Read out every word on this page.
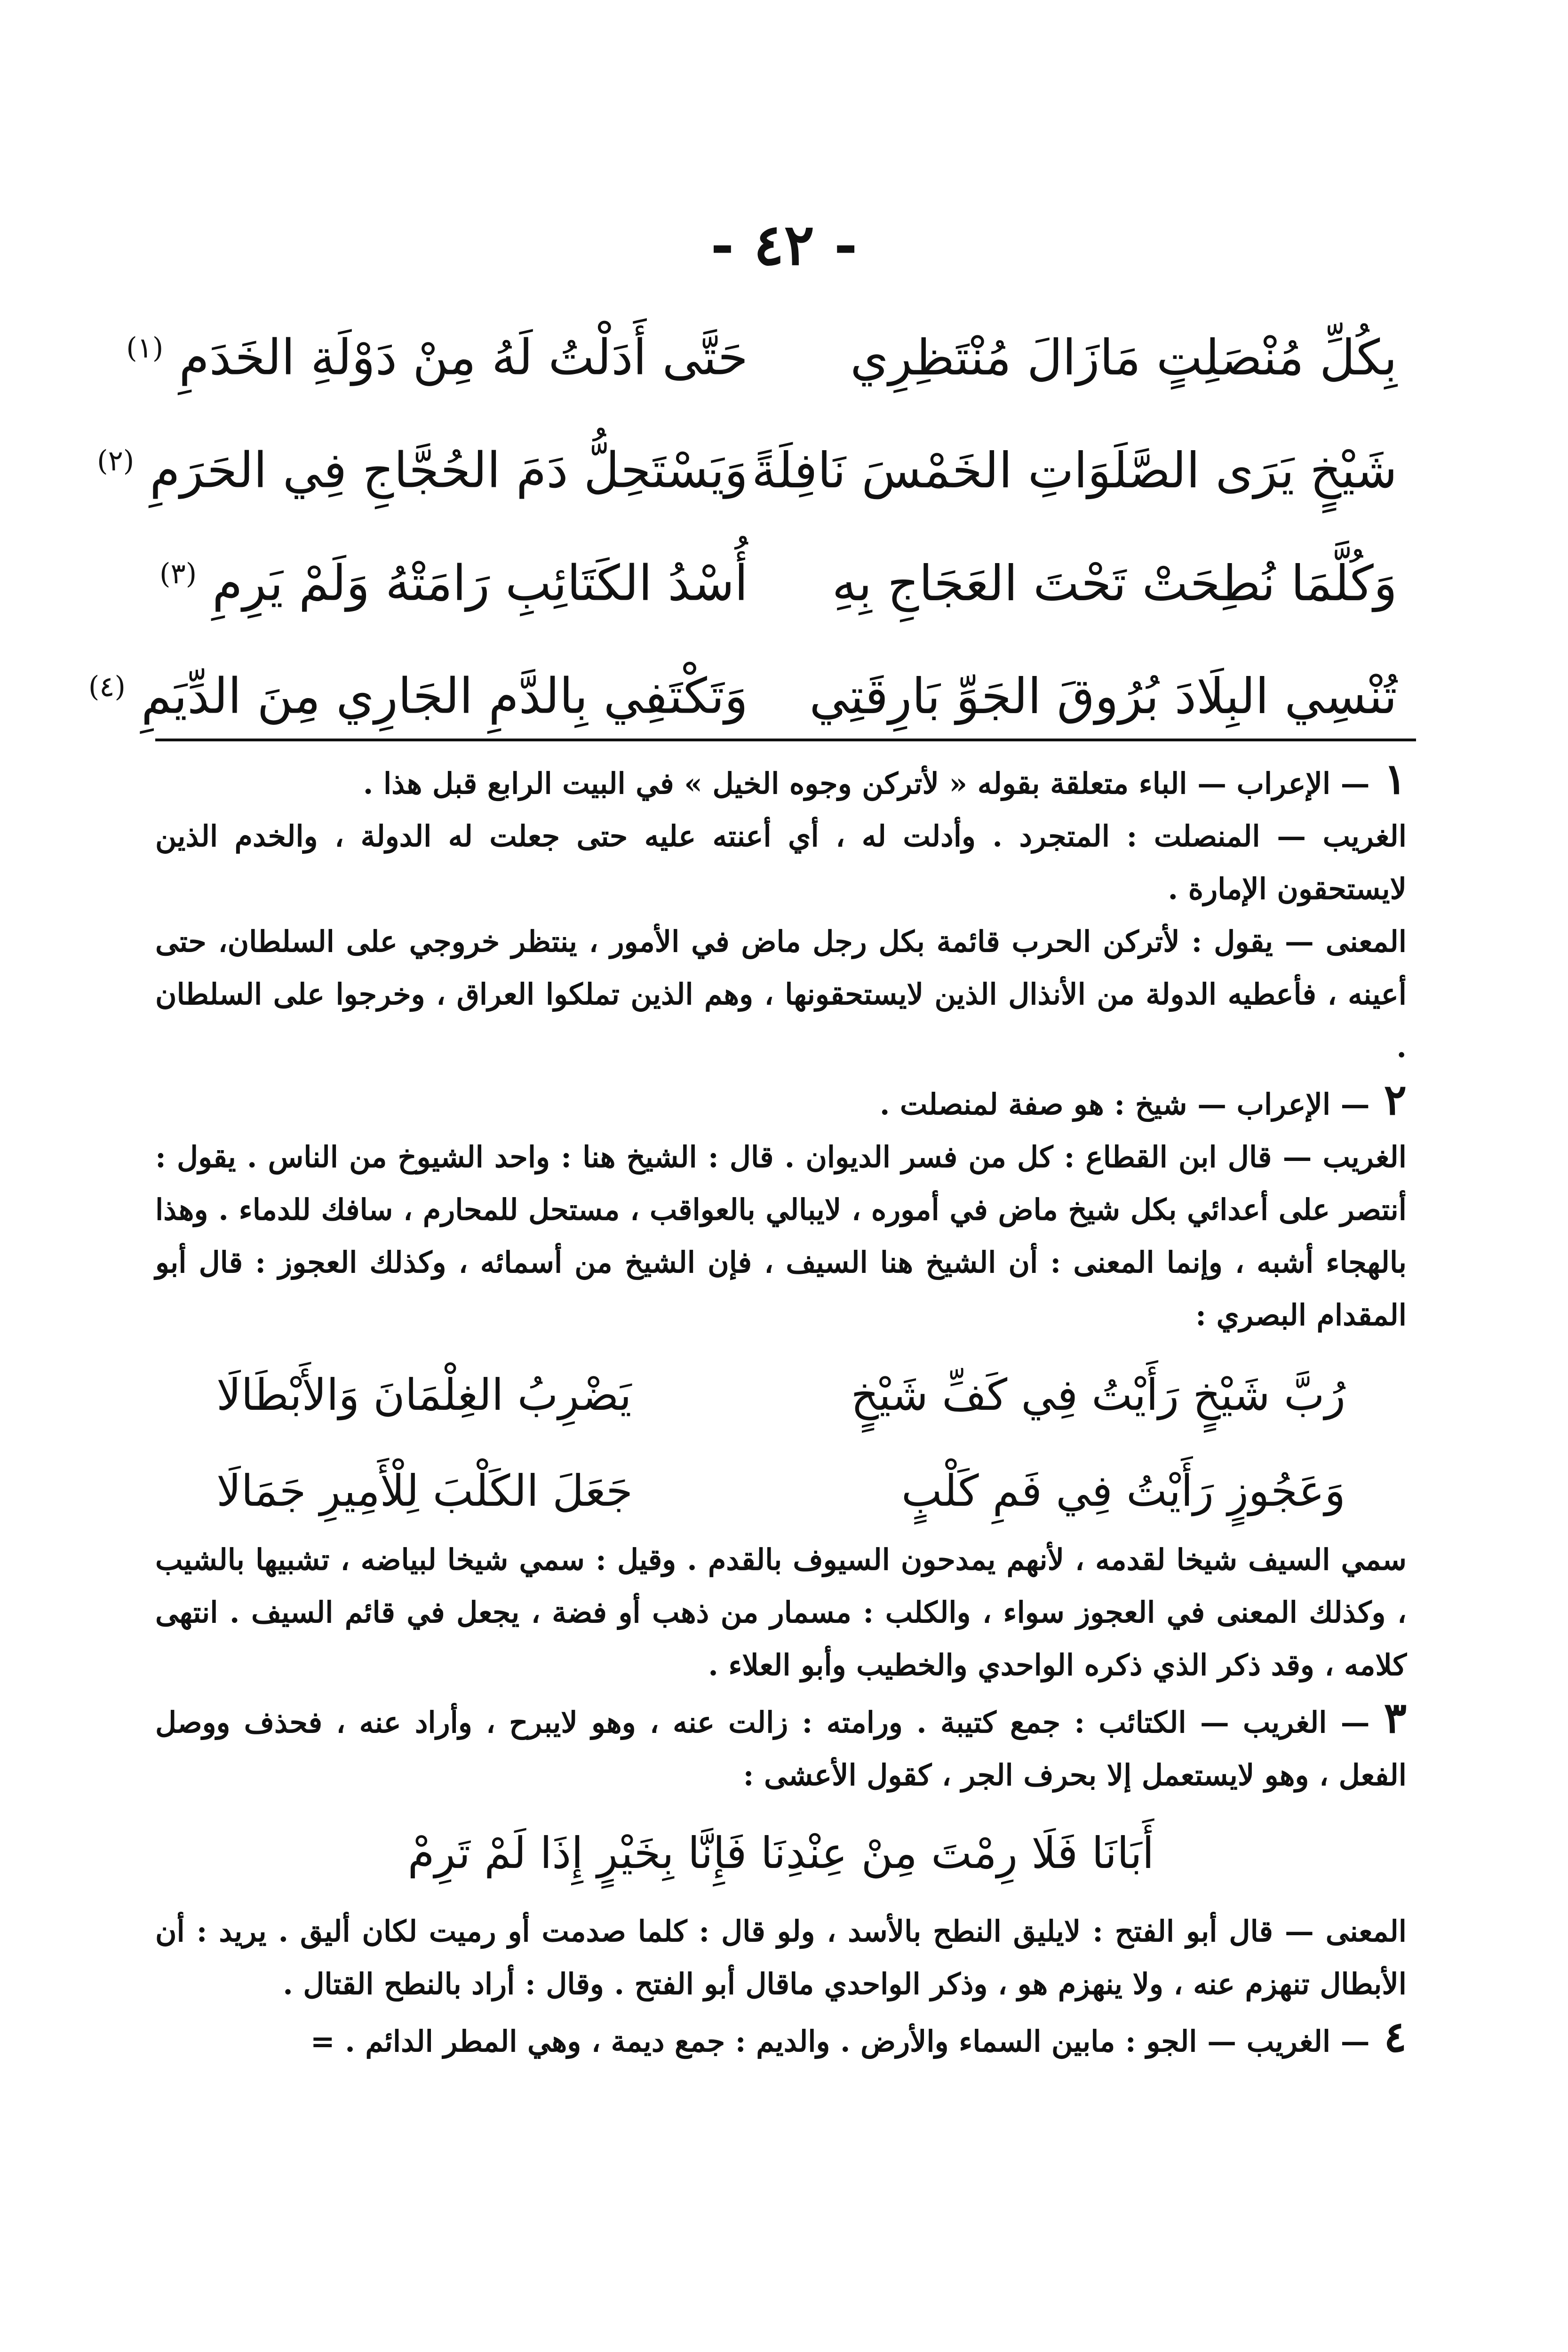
- ٤٢ -
بِكُلِّ مُنْصَلِتٍ مَازَالَ مُنْتَظِرِي
حَتَّى أَدَلْتُ لَهُ مِنْ دَوْلَةِ الخَدَمِ $^{(١)}$
شَيْخٍ يَرَى الصَّلَوَاتِ الخَمْسَ نَافِلَةً
وَيَسْتَحِلُّ دَمَ الحُجَّاجِ فِي الحَرَمِ $^{(٢)}$
وَكُلَّمَا نُطِحَتْ تَحْتَ العَجَاجِ بِهِ
أُسْدُ الكَتَائِبِ رَامَتْهُ وَلَمْ يَرِمِ $^{(٣)}$
تُنْسِي البِلَادَ بُرُوقَ الجَوِّ بَارِقَتِي
وَتَكْتَفِي بِالدَّمِ الجَارِي مِنَ الدِّيَمِ $^{(٤)}$

١— الإعراب — الباء متعلقة بقوله « لأتركن وجوه الخيل » في البيت الرابع قبل هذا .

الغريب — المنصلت : المتجرد . وأدلت له ، أي أعنته عليه حتى جعلت له الدولة ، والخدم الذين لايستحقون الإمارة .

المعنى — يقول : لأتركن الحرب قائمة بكل رجل ماض في الأمور ، ينتظر خروجي على السلطان، حتى أعينه ، فأعطيه الدولة من الأنذال الذين لايستحقونها ، وهم الذين تملكوا العراق ، وخرجوا على السلطان .

٢— الإعراب — شيخ : هو صفة لمنصلت .

الغريب — قال ابن القطاع : كل من فسر الديوان . قال : الشيخ هنا : واحد الشيوخ من الناس . يقول : أنتصر على أعدائي بكل شيخ ماض في أموره ، لايبالي بالعواقب ، مستحل للمحارم ، سافك للدماء . وهذا بالهجاء أشبه ، وإنما المعنى : أن الشيخ هنا السيف ، فإن الشيخ من أسمائه ، وكذلك العجوز : قال أبو المقدام البصري :

رُبَّ شَيْخٍ رَأَيْتُ فِي كَفِّ شَيْخٍ
يَضْرِبُ الغِلْمَانَ وَالأَبْطَالَا
وَعَجُوزٍ رَأَيْتُ فِي فَمِ كَلْبٍ
جَعَلَ الكَلْبَ لِلْأَمِيرِ جَمَالَا

سمي السيف شيخا لقدمه ، لأنهم يمدحون السيوف بالقدم . وقيل : سمي شيخا لبياضه ، تشبيها بالشيب ، وكذلك المعنى في العجوز سواء ، والكلب : مسمار من ذهب أو فضة ، يجعل في قائم السيف . انتهى كلامه ، وقد ذكر الذي ذكره الواحدي والخطيب وأبو العلاء .

٣— الغريب — الكتائب : جمع كتيبة . ورامته : زالت عنه ، وهو لايبرح ، وأراد عنه ، فحذف ووصل الفعل ، وهو لايستعمل إلا بحرف الجر ، كقول الأعشى :

أَبَانَا فَلَا رِمْتَ مِنْ عِنْدِنَا فَإِنَّا بِخَيْرٍ إِذَا لَمْ تَرِمْ

المعنى — قال أبو الفتح : لايليق النطح بالأسد ، ولو قال : كلما صدمت أو رميت لكان أليق . يريد : أن الأبطال تنهزم عنه ، ولا ينهزم هو ، وذكر الواحدي ماقال أبو الفتح . وقال : أراد بالنطح القتال .

٤— الغريب — الجو : مابين السماء والأرض . والديم : جمع ديمة ، وهي المطر الدائم . =
